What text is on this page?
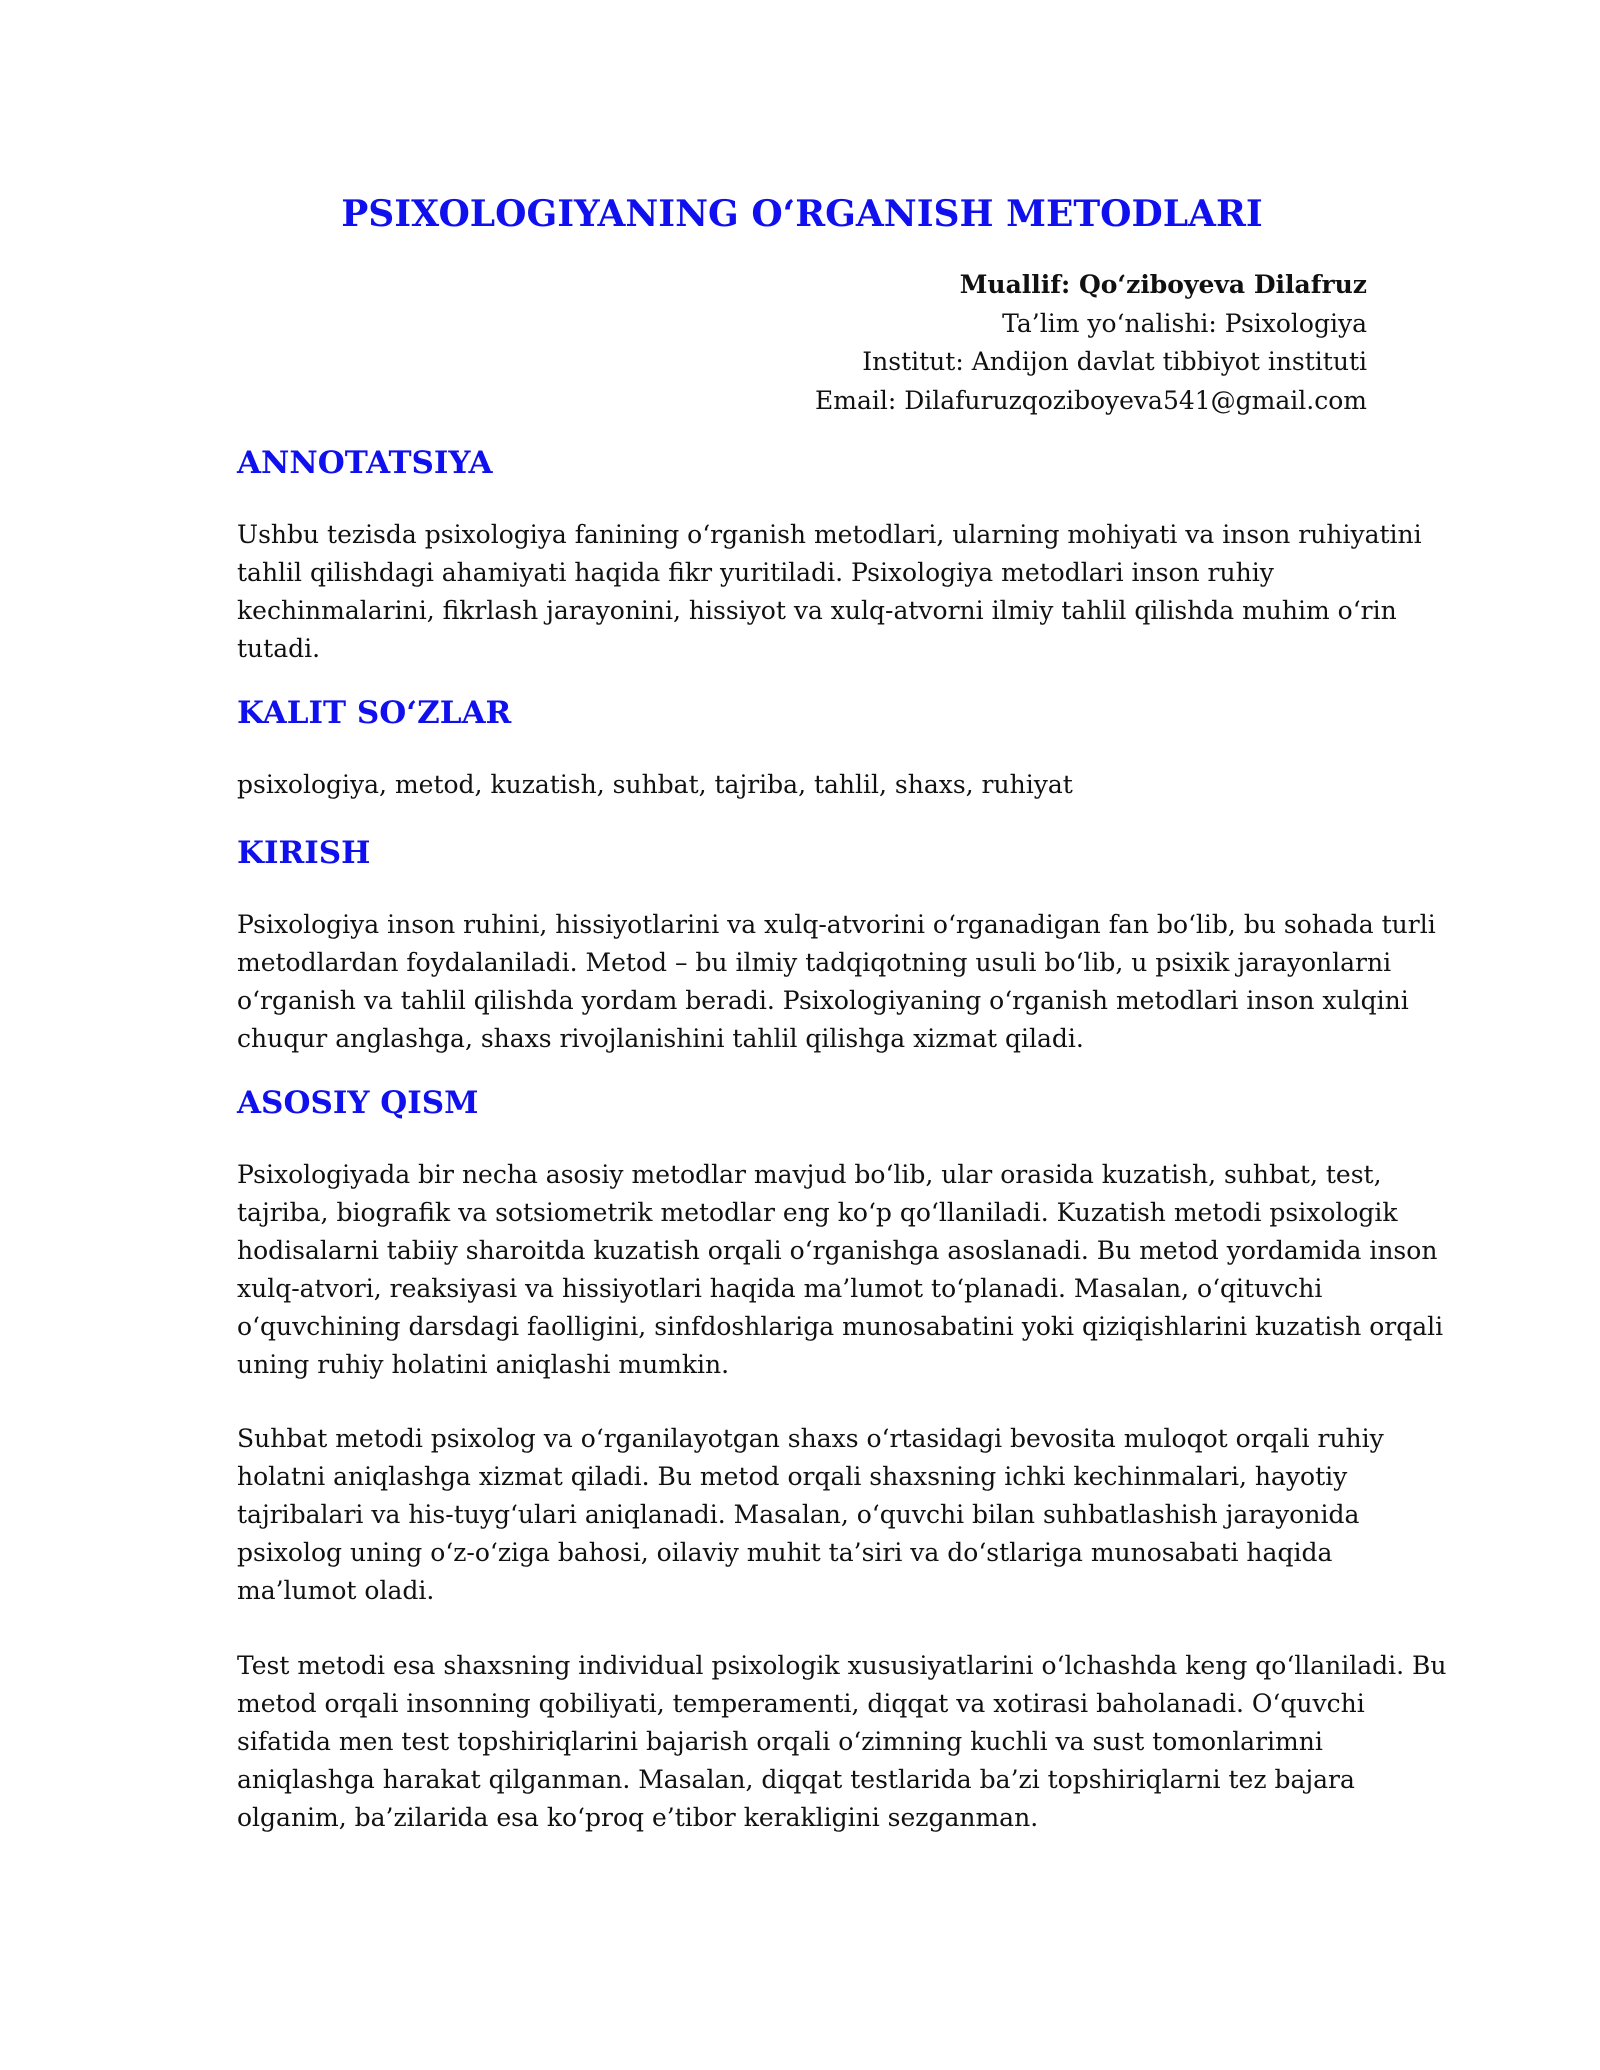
PSIXOLOGIYANING O‘RGANISH METODLARI
Muallif: Qo‘ziboyeva Dilafruz
Ta’lim yo‘nalishi: Psixologiya
Institut: Andijon davlat tibbiyot instituti
Email: Dilafuruzqoziboyeva541@gmail.com
ANNOTATSIYA

Ushbu tezisda psixologiya fanining o‘rganish metodlari, ularning mohiyati va inson ruhiyatini
tahlil qilishdagi ahamiyati haqida fikr yuritiladi. Psixologiya metodlari inson ruhiy
kechinmalarini, fikrlash jarayonini, hissiyot va xulq-atvorni ilmiy tahlil qilishda muhim o‘rin
tutadi.

KALIT SO‘ZLAR

psixologiya, metod, kuzatish, suhbat, tajriba, tahlil, shaxs, ruhiyat

KIRISH

Psixologiya inson ruhini, hissiyotlarini va xulq-atvorini o‘rganadigan fan bo‘lib, bu sohada turli
metodlardan foydalaniladi. Metod – bu ilmiy tadqiqotning usuli bo‘lib, u psixik jarayonlarni
o‘rganish va tahlil qilishda yordam beradi. Psixologiyaning o‘rganish metodlari inson xulqini
chuqur anglashga, shaxs rivojlanishini tahlil qilishga xizmat qiladi.

ASOSIY QISM

Psixologiyada bir necha asosiy metodlar mavjud bo‘lib, ular orasida kuzatish, suhbat, test,
tajriba, biografik va sotsiometrik metodlar eng ko‘p qo‘llaniladi. Kuzatish metodi psixologik
hodisalarni tabiiy sharoitda kuzatish orqali o‘rganishga asoslanadi. Bu metod yordamida inson
xulq-atvori, reaksiyasi va hissiyotlari haqida ma’lumot to‘planadi. Masalan, o‘qituvchi
o‘quvchining darsdagi faolligini, sinfdoshlariga munosabatini yoki qiziqishlarini kuzatish orqali
uning ruhiy holatini aniqlashi mumkin.

Suhbat metodi psixolog va o‘rganilayotgan shaxs o‘rtasidagi bevosita muloqot orqali ruhiy
holatni aniqlashga xizmat qiladi. Bu metod orqali shaxsning ichki kechinmalari, hayotiy
tajribalari va his-tuyg‘ulari aniqlanadi. Masalan, o‘quvchi bilan suhbatlashish jarayonida
psixolog uning o‘z-o‘ziga bahosi, oilaviy muhit ta’siri va do‘stlariga munosabati haqida
ma’lumot oladi.

Test metodi esa shaxsning individual psixologik xususiyatlarini o‘lchashda keng qo‘llaniladi. Bu
metod orqali insonning qobiliyati, temperamenti, diqqat va xotirasi baholanadi. O‘quvchi
sifatida men test topshiriqlarini bajarish orqali o‘zimning kuchli va sust tomonlarimni
aniqlashga harakat qilganman. Masalan, diqqat testlarida ba’zi topshiriqlarni tez bajara
olganim, ba’zilarida esa ko‘proq e’tibor kerakligini sezganman.
